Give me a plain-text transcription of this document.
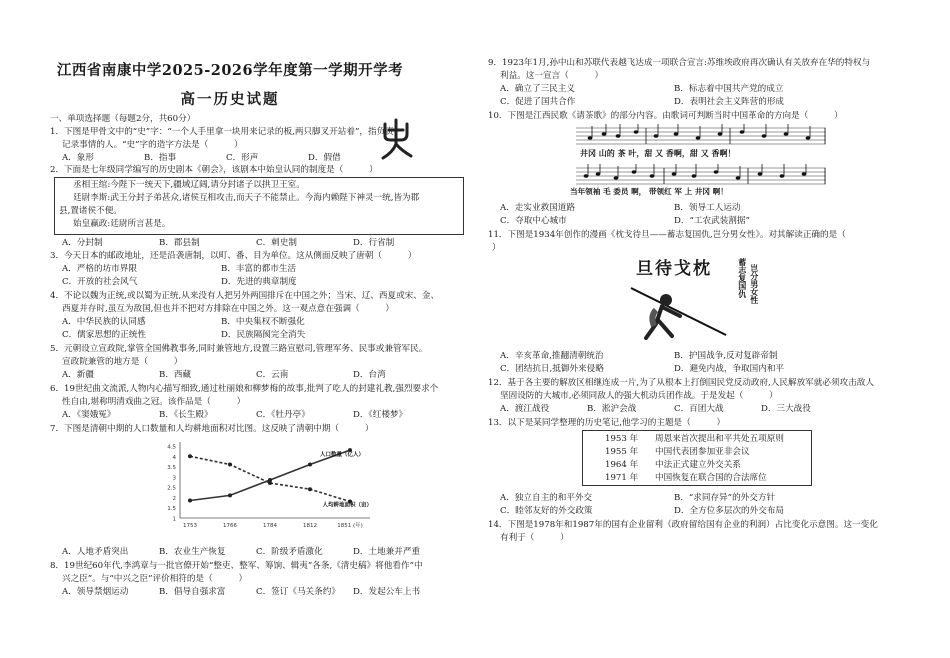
江西省南康中学2025-2026学年度第一学期开学考
高一历史试题
一、单项选择题（每题2分，共60分）
1．下图是甲骨文中的“史”字：“一个人手里拿一块用来记录的板,两只脚叉开站着”，指负责
记录事情的人。“史”字的造字方法是（　　　）
A．象形	B．指事	C．形声	D．假借
2．下面是七年级同学编写的历史剧本《朝会》，该剧本中始皇认同的制度是（　　　）
丞相王绾:今陛下一统天下,疆域辽阔,请分封诸子以拱卫王室。
廷尉李斯:武王分封子弟甚众,诸侯互相攻击,而天子不能禁止。今海内赖陛下神灵一统,皆为郡
县,置诸侯不便。
始皇赢政:廷尉所言甚是。
A．分封制	B．郡县制	C．刺史制	D．行省制
3．今天日本的邮政地址，还是沿袭唐制，以町、番、目为单位。这从侧面反映了唐朝（　　　）
A．严格的坊市界限	B．丰富的都市生活
C．开放的社会风气	D．先进的典章制度
4．不论以魏为正统,或以蜀为正统,从来没有人把另外两国排斥在中国之外；当宋、辽、西夏或宋、金、
西夏并存时,虽互为敌国,但也并不把对方排除在中国之外。这一观点意在强调（　　　）
A．中华民族的认同感	B．中央集权不断强化
C．儒家思想的正统性	D．民族隔阂完全消失
5．元朝设立宣政院,掌管全国佛教事务,同时兼管地方,设置三路宣慰司,管理军务、民事或兼管军民。
宣政院兼管的地方是（　　　）
A．新疆	B．西藏	C．云南	D．台湾
6．19世纪曲文流派,人物内心描写细致,通过杜丽娘和柳梦梅的故事,批判了吃人的封建礼教,强烈要求个
性自由,堪称明清戏曲之冠。该作品是（　　　）
A．《窦娥冤》	B．《长生殿》	C．《牡丹亭》	D．《红楼梦》
7．下图是清朝中期的人口数量和人均耕地面积对比图。这反映了清朝中期（　　　）
1
1.5
2
2.5
3
3.5
4
4.5
1753	1766	1784	1812	1851 (年)
人口数量（亿人）
人均耕地面积（亩）
A．人地矛盾突出	B．农业生产恢复	C．阶级矛盾激化	D．土地兼并严重
8．19世纪60年代,李鸿章与一批官僚开始“整吏、整军、筹饷、辑夷”各条,《清史稿》将他看作“中
兴之臣”。与“中兴之臣”评价相符的是（　　　）
A．领导禁烟运动	B．倡导自强求富	C．签订《马关条约》	D．发起公车上书
9．1923年1月,孙中山和苏联代表越飞达成一项联合宣言:苏维埃政府再次确认有关放弃在华的特权与
利益。这一宣言（　　　）
A．确立了三民主义	B．标志着中国共产党的成立
C．促进了国共合作	D．表明社会主义阵营的形成
10．下图是江西民歌《请茶歌》的部分内容。由歌词可判断当时中国革命的方向是（　　　）
井冈 山的 茶 叶，甜 又 香啊，甜 又 香啊！
当年领袖 毛 委员 啊， 带领红 军 上 井冈 啊！
A．走实业救国道路	B．领导工人运动
C．夺取中心城市	D．“工农武装割据”
11．下图是1934年创作的漫画《枕戈待旦——蓄志复国仇,岂分男女性》。对其解读正确的是（
）
旦待戈枕	蓄志复国仇 岂分男女性
A．辛亥革命,推翻清朝统治	B．护国战争,反对复辟帝制
C．团结抗日,抵御外来侵略	D．避免内战，争取国内和平
12．基于各主要的解放区相继连成一片,为了从根本上打倒国民党反动政府,人民解放军就必须攻击敌人
坚固设防的大城市,必须同敌人的强大机动兵团作战。于是发起（　　　）
A．渡江战役	B．淞沪会战	C．百团大战	D．三大战役
13．以下是某同学整理的历史笔记,他学习的主题是（　　　）
1953 年 周恩来首次提出和平共处五项原则
1955 年 中国代表团参加亚非会议
1964 年 中法正式建立外交关系
1971 年 中国恢复在联合国的合法席位
A．独立自主的和平外交	B．“求同存异”的外交方针
C．睦邻友好的外交政策	D．全方位多层次的外交布局
14．下图是1978年和1987年的国有企业留利（政府留给国有企业的利润）占比变化示意图。这一变化
有利于（　　　）
